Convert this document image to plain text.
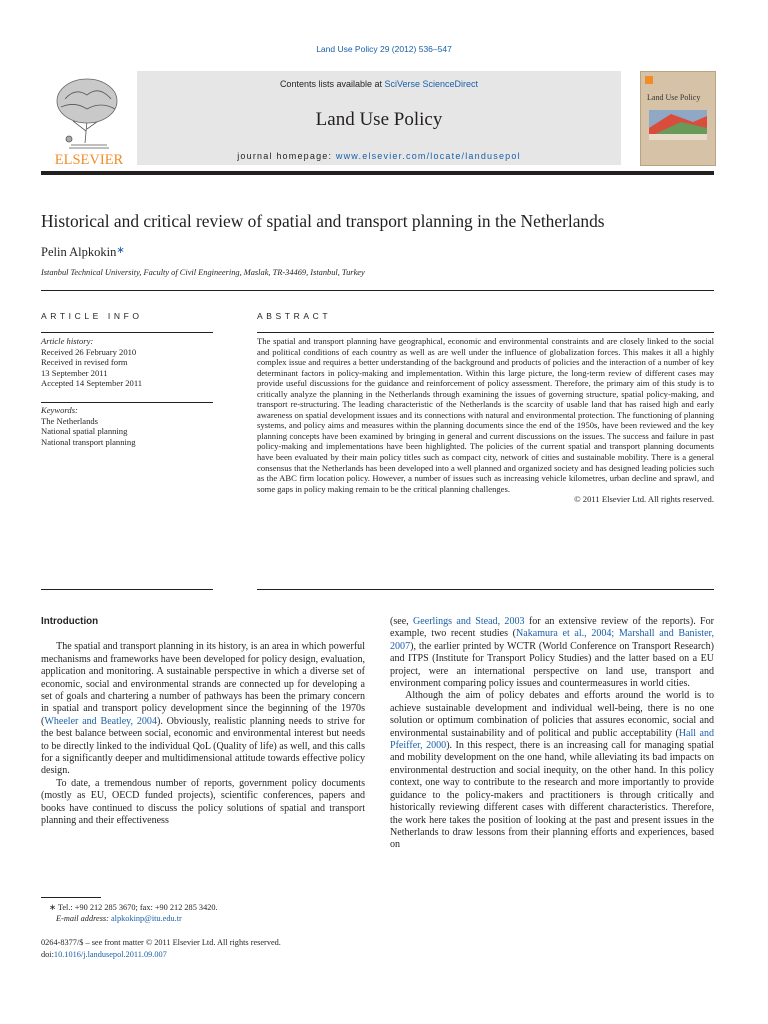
Land Use Policy 29 (2012) 536–547
ELSEVIER
Contents lists available at SciVerse ScienceDirect
Land Use Policy
journal homepage: www.elsevier.com/locate/landusepol
Land Use Policy
Historical and critical review of spatial and transport planning in the Netherlands
Pelin Alpkokin∗
Istanbul Technical University, Faculty of Civil Engineering, Maslak, TR-34469, Istanbul, Turkey
ARTICLE INFO	ABSTRACT
Article history:
Received 26 February 2010
Received in revised form
13 September 2011
Accepted 14 September 2011
Keywords:
The Netherlands
National spatial planning
National transport planning
The spatial and transport planning have geographical, economic and environmental constraints and are closely linked to the social and political conditions of each country as well as are well under the influence of globalization forces. This makes it all a highly complex issue and requires a better understanding of the background and products of policies and the interaction of a number of key determinant factors in policy-making and implementation. Within this large picture, the long-term review of different cases may provide useful discussions for the guidance and reinforcement of policy assessment. Therefore, the primary aim of this study is to critically analyze the planning in the Netherlands through examining the issues of governing structure, spatial policy-making, and transport re-structuring. The leading characteristic of the Netherlands is the scarcity of usable land that has raised high and early awareness on spatial development issues and its connections with natural and environmental protection. The functioning of planning systems, and policy aims and measures within the planning documents since the end of the 1950s, have been reviewed and the key planning concepts have been examined by bringing in general and current discussions on the issues. The success and failure in past policy-making and implementations have been highlighted. The policies of the current spatial and transport planning documents have been evaluated by their main policy titles such as compact city, network of cities and sustainable mobility. There is a general consensus that the Netherlands has been developed into a well planned and organized society and has designed leading policies such as the ABC firm location policy. However, a number of issues such as increasing vehicle kilometres, urban decline and sprawl, and some gaps in policy making remain to be the critical planning challenges.
© 2011 Elsevier Ltd. All rights reserved.
Introduction

The spatial and transport planning in its history, is an area in which powerful mechanisms and frameworks have been developed for policy design, evaluation, application and monitoring. A sustainable perspective in which a diverse set of economic, social and environmental strands are connected up for developing a set of goals and chartering a number of pathways has been the primary concern in spatial and transport policy development since the beginning of the 1970s (Wheeler and Beatley, 2004). Obviously, realistic planning needs to strive for the best balance between social, economic and environmental interest but needs to be directly linked to the individual QoL (Quality of life) as well, and this calls for a significantly deeper and multidimensional attitude towards effective policy design.

To date, a tremendous number of reports, government policy documents (mostly as EU, OECD funded projects), scientific conferences, papers and books have continued to discuss the policy solutions of spatial and transport planning and their effectiveness

(see, Geerlings and Stead, 2003 for an extensive review of the reports). For example, two recent studies (Nakamura et al., 2004; Marshall and Banister, 2007), the earlier printed by WCTR (World Conference on Transport Research) and ITPS (Institute for Transport Policy Studies) and the latter based on a EU project, were an international perspective on land use, transport and environment comparing policy issues and countermeasures in world cities.

Although the aim of policy debates and efforts around the world is to achieve sustainable development and individual well-being, there is no one solution or optimum combination of policies that assures economic, social and environmental sustainability and of political and public acceptability (Hall and Pfeiffer, 2000). In this respect, there is an increasing call for managing spatial and mobility development on the one hand, while alleviating its bad impacts on environmental destruction and social inequity, on the other hand. In this policy context, one way to contribute to the research and more importantly to provide guidance to the policy-makers and practitioners is through critically and historically reviewing different cases with different characteristics. Therefore, the work here takes the position of looking at the past and present issues in the Netherlands to draw lessons from their planning efforts and experiences, based on

∗ Tel.: +90 212 285 3670; fax: +90 212 285 3420.
E-mail address: alpkokinp@itu.edu.tr
0264-8377/$ – see front matter © 2011 Elsevier Ltd. All rights reserved.
doi:10.1016/j.landusepol.2011.09.007
